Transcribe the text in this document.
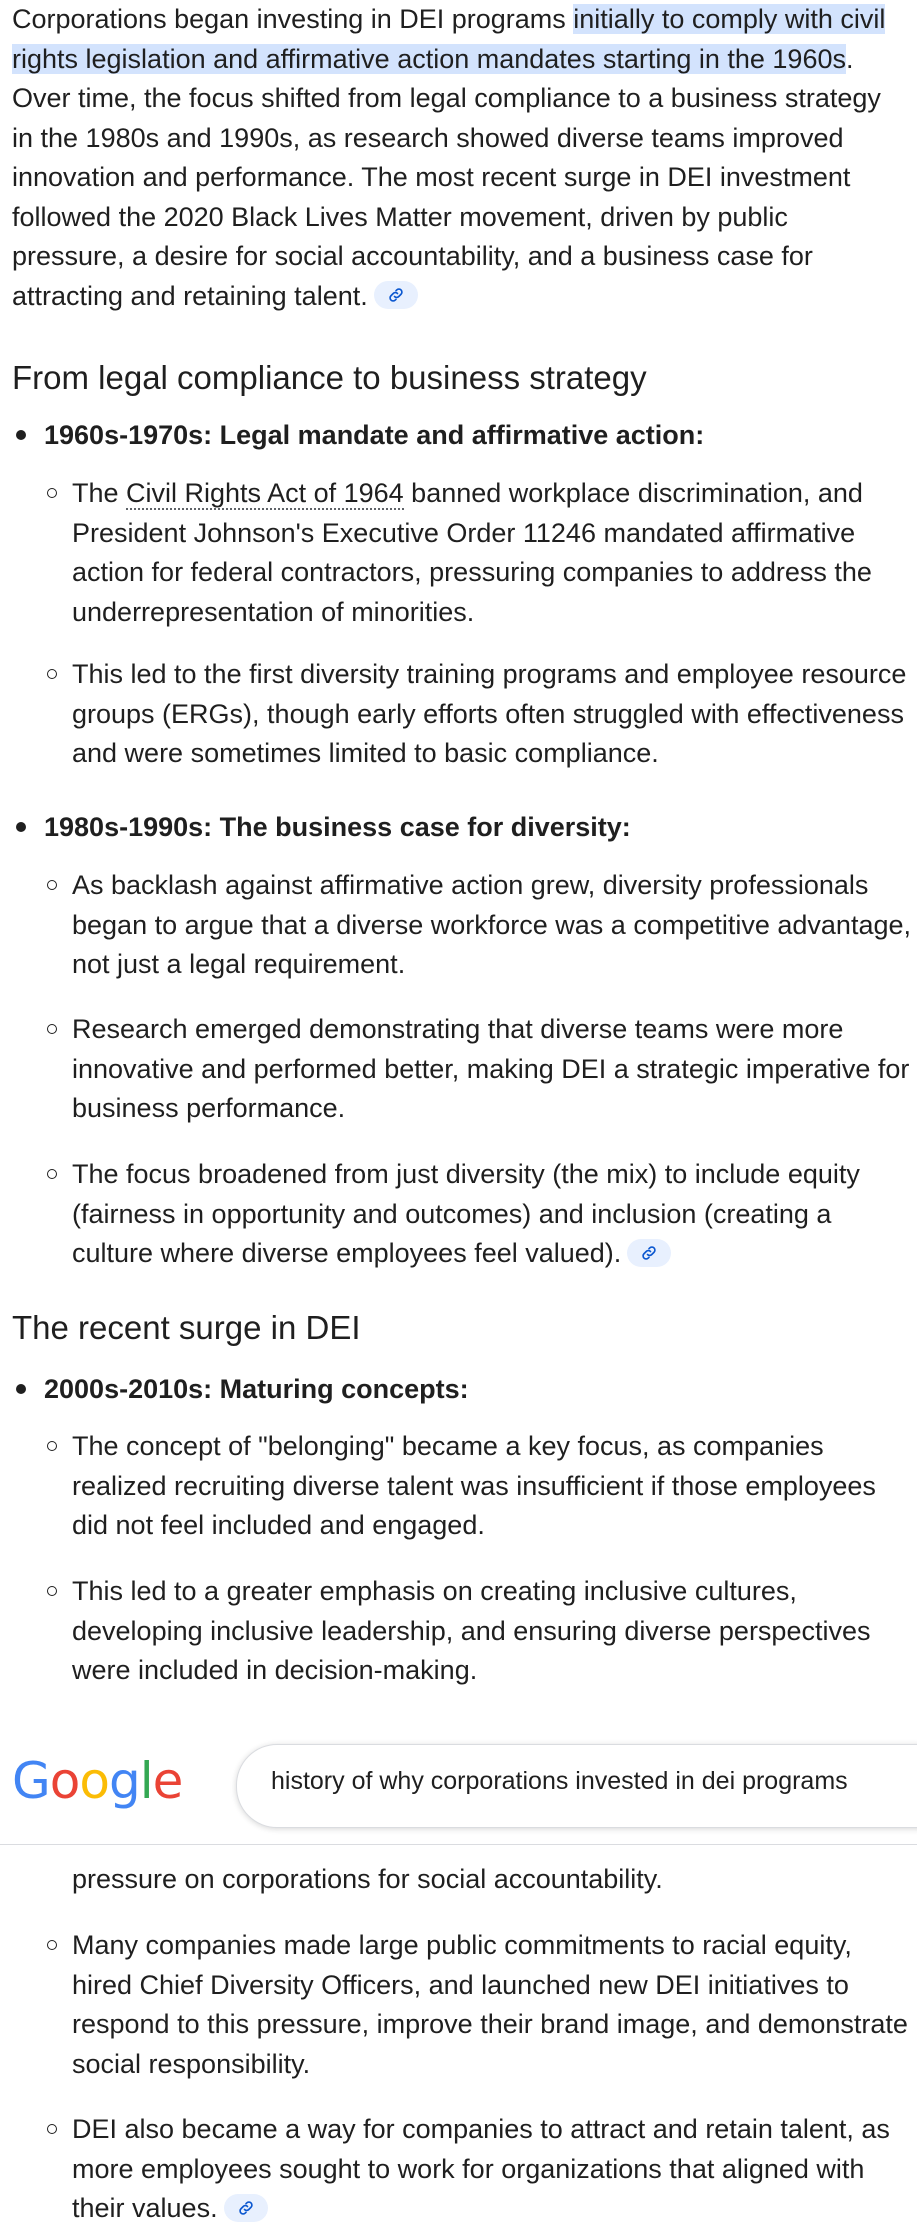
Corporations began investing in DEI programs initially to comply with civil rights legislation and affirmative action mandates starting in the 1960s. Over time, the focus shifted from legal compliance to a business strategy in the 1980s and 1990s, as research showed diverse teams improved innovation and performance. The most recent surge in DEI investment followed the 2020 Black Lives Matter movement, driven by public pressure, a desire for social accountability, and a business case for attracting and retaining talent.

From legal compliance to business strategy
1960s-1970s: Legal mandate and affirmative action:
The Civil Rights Act of 1964 banned workplace discrimination, and President Johnson's Executive Order 11246 mandated affirmative action for federal contractors, pressuring companies to address the underrepresentation of minorities.
This led to the first diversity training programs and employee resource groups (ERGs), though early efforts often struggled with effectiveness and were sometimes limited to basic compliance.
1980s-1990s: The business case for diversity:
As backlash against affirmative action grew, diversity professionals began to argue that a diverse workforce was a competitive advantage, not just a legal requirement.
Research emerged demonstrating that diverse teams were more innovative and performed better, making DEI a strategic imperative for business performance.
The focus broadened from just diversity (the mix) to include equity (fairness in opportunity and outcomes) and inclusion (creating a culture where diverse employees feel valued).
The recent surge in DEI
2000s-2010s: Maturing concepts:
The concept of "belonging" became a key focus, as companies realized recruiting diverse talent was insufficient if those employees did not feel included and engaged.
This led to a greater emphasis on creating inclusive cultures, developing inclusive leadership, and ensuring diverse perspectives were included in decision-making.
Google	history of why corporations invested in dei programs
pressure on corporations for social accountability.
Many companies made large public commitments to racial equity, hired Chief Diversity Officers, and launched new DEI initiatives to respond to this pressure, improve their brand image, and demonstrate social responsibility.
DEI also became a way for companies to attract and retain talent, as more employees sought to work for organizations that aligned with their values.
